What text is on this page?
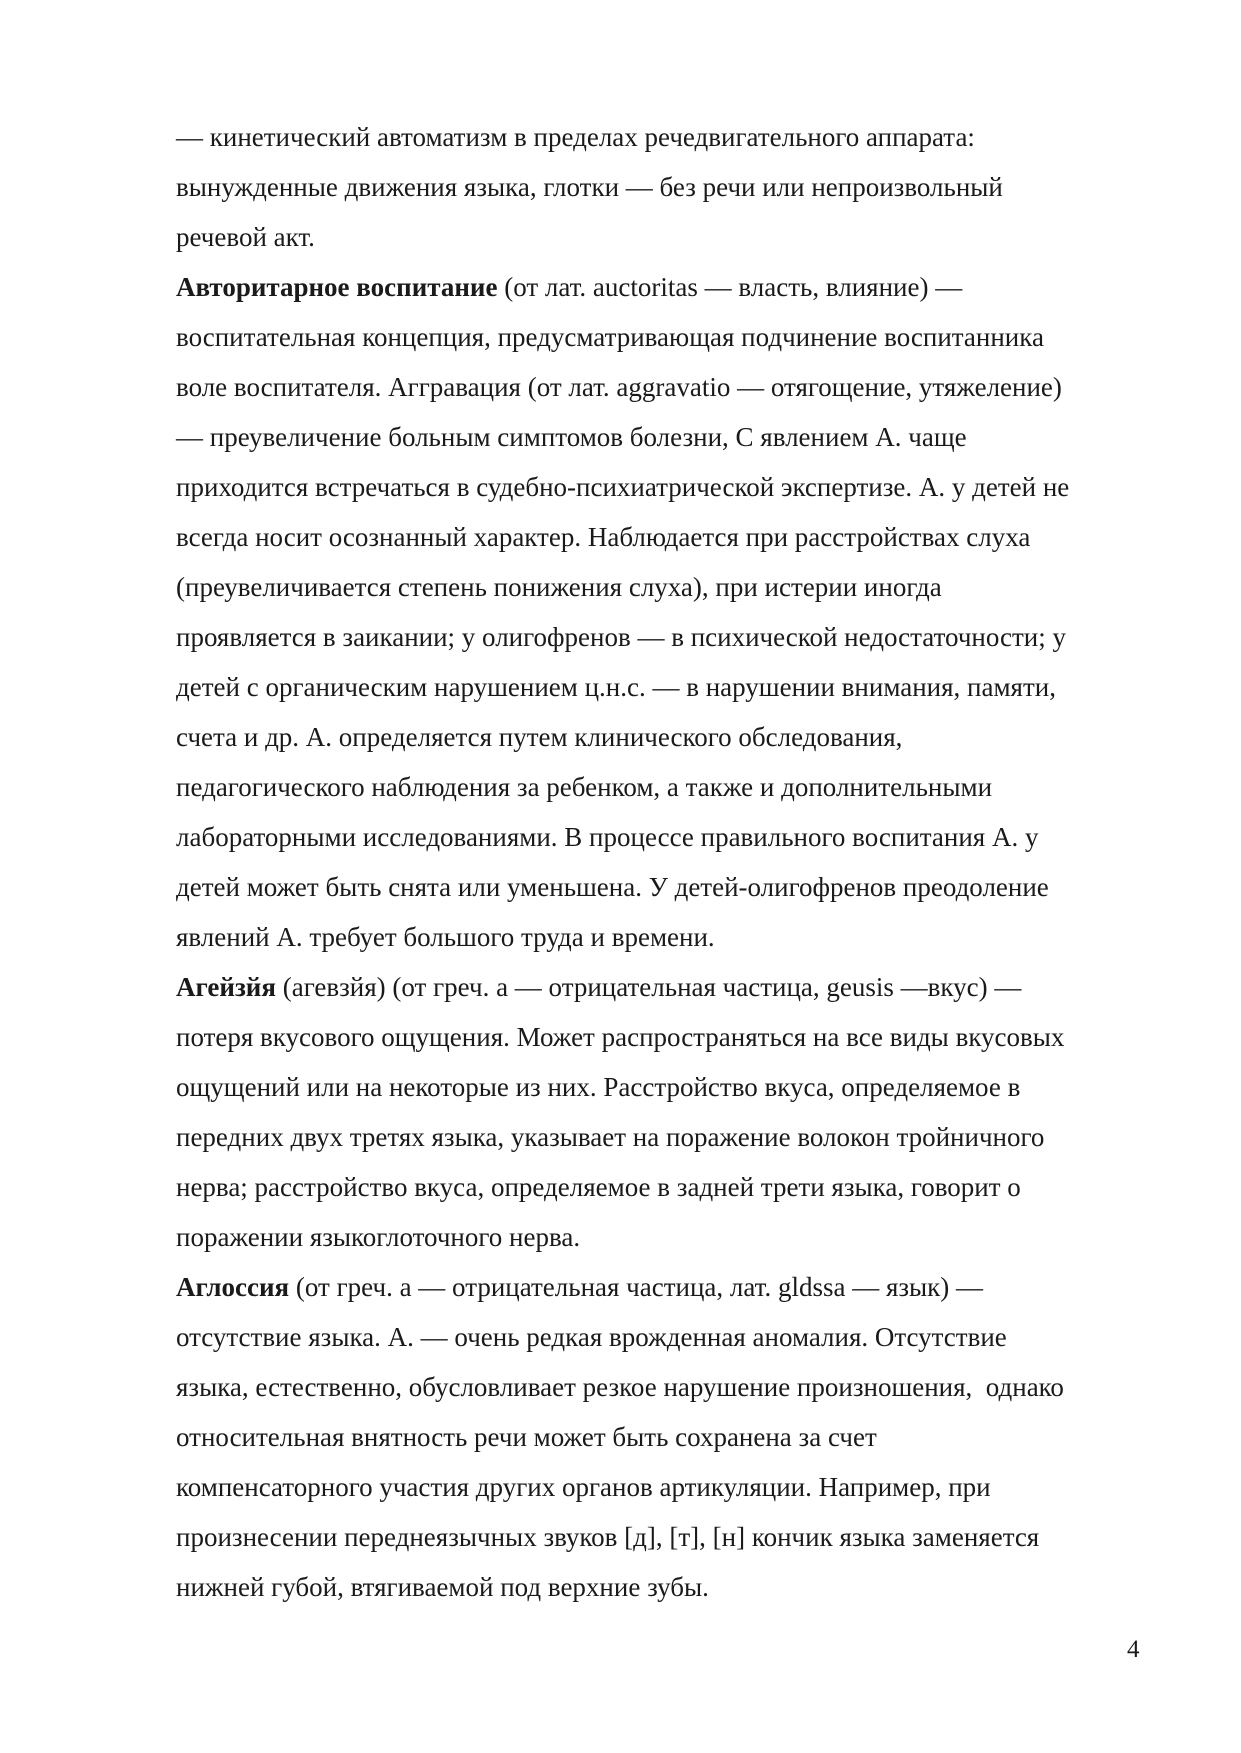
— кинетический автоматизм в пределах речедвигательного аппарата:
вынужденные движения языка, глотки — без речи или непроизвольный
речевой акт.
Авторитарное воспитание (от лат. auctoritas — власть, влияние) —
воспитательная концепция, предусматривающая подчинение воспитанника
воле воспитателя. Аггравация (от лат. aggravatio — отягощение, утяжеление)
— преувеличение больным симптомов болезни, С явлением А. чаще
приходится встречаться в судебно-психиатрической экспертизе. А. у детей не
всегда носит осознанный характер. Наблюдается при расстройствах слуха
(преувеличивается степень понижения слуха), при истерии иногда
проявляется в заикании; у олигофренов — в психической недостаточности; у
детей с органическим нарушением ц.н.с. — в нарушении внимания, памяти,
счета и др. А. определяется путем клинического обследования,
педагогического наблюдения за ребенком, а также и дополнительными
лабораторными исследованиями. В процессе правильного воспитания А. у
детей может быть снята или уменьшена. У детей-олигофренов преодоление
явлений А. требует большого труда и времени.
Агейзйя (агевзйя) (от греч. а — отрицательная частица, geusis —вкус) —
потеря вкусового ощущения. Может распространяться на все виды вкусовых
ощущений или на некоторые из них. Расстройство вкуса, определяемое в
передних двух третях языка, указывает на поражение волокон тройничного
нерва; расстройство вкуса, определяемое в задней трети языка, говорит о
поражении языкоглоточного нерва.
Аглоссия (от греч. а — отрицательная частица, лат. gldssa — язык) —
отсутствие языка. А. — очень редкая врожденная аномалия. Отсутствие
языка, естественно, обусловливает резкое нарушение произношения,  однако
относительная внятность речи может быть сохранена за счет
компенсаторного участия других органов артикуляции. Например, при
произнесении переднеязычных звуков [д], [т], [н] кончик языка заменяется
нижней губой, втягиваемой под верхние зубы.
4
